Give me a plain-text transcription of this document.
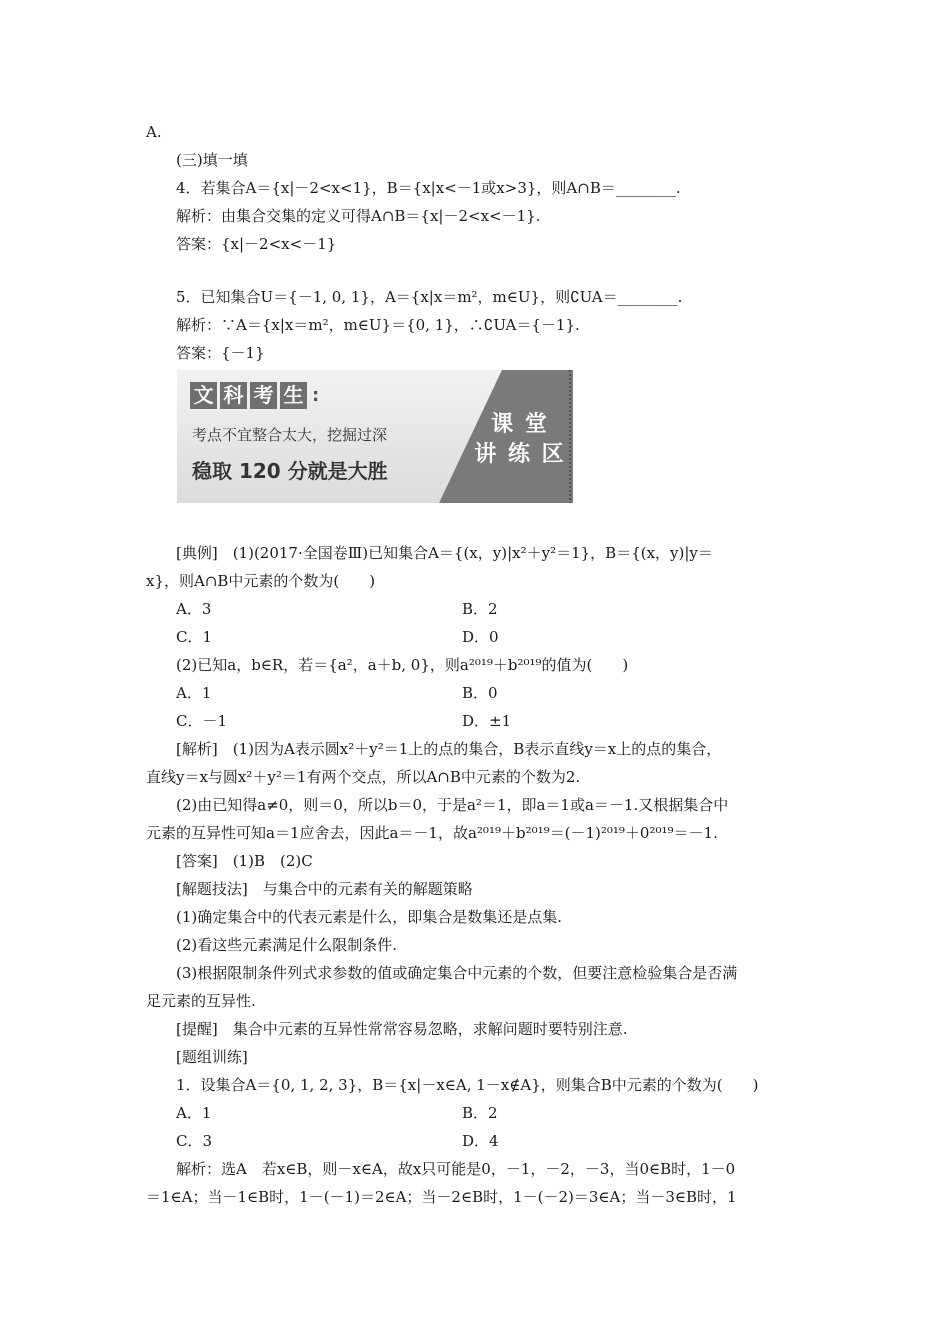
A.
(三)填一填
4．若集合A＝{x|－2<x<1}，B＝{x|x<－1或x>3}，则A∩B＝________.
解析：由集合交集的定义可得A∩B＝{x|－2<x<－1}.
答案：{x|－2<x<－1}
5．已知集合U＝{－1, 0, 1}，A＝{x|x＝m²，m∈U}，则∁UA＝________.
解析：∵A＝{x|x＝m²，m∈U}＝{0, 1}，∴∁UA＝{－1}.
答案：{－1}
文 科 考 生 :
考点不宜整合太大，挖掘过深
稳取 120 分就是大胜
课 堂
讲 练 区
[典例]　(1)(2017·全国卷Ⅲ)已知集合A＝{(x，y)|x²＋y²＝1}，B＝{(x，y)|y＝
x}，则A∩B中元素的个数为(　　)
A．3	B．2
C．1	D．0
(2)已知a，b∈R，若＝{a²，a＋b, 0}，则a²⁰¹⁹＋b²⁰¹⁹的值为(　　)
A．1	B．0
C．－1	D．±1
[解析]　(1)因为A表示圆x²＋y²＝1上的点的集合，B表示直线y＝x上的点的集合，
直线y＝x与圆x²＋y²＝1有两个交点，所以A∩B中元素的个数为2.
(2)由已知得a≠0，则＝0，所以b＝0，于是a²＝1，即a＝1或a＝－1.又根据集合中
元素的互异性可知a＝1应舍去，因此a＝－1，故a²⁰¹⁹＋b²⁰¹⁹＝(－1)²⁰¹⁹＋0²⁰¹⁹＝－1.
[答案]　(1)B　(2)C
[解题技法]　与集合中的元素有关的解题策略
(1)确定集合中的代表元素是什么，即集合是数集还是点集.
(2)看这些元素满足什么限制条件.
(3)根据限制条件列式求参数的值或确定集合中元素的个数，但要注意检验集合是否满
足元素的互异性.
[提醒]　集合中元素的互异性常常容易忽略，求解问题时要特别注意.
[题组训练]
1．设集合A＝{0, 1, 2, 3}，B＝{x|－x∈A, 1－x∉A}，则集合B中元素的个数为(　　)
A．1	B．2
C．3	D．4
解析：选A　若x∈B，则－x∈A，故x只可能是0，－1，－2，－3，当0∈B时，1－0
＝1∈A；当－1∈B时，1－(－1)＝2∈A；当－2∈B时，1－(－2)＝3∈A；当－3∈B时，1
